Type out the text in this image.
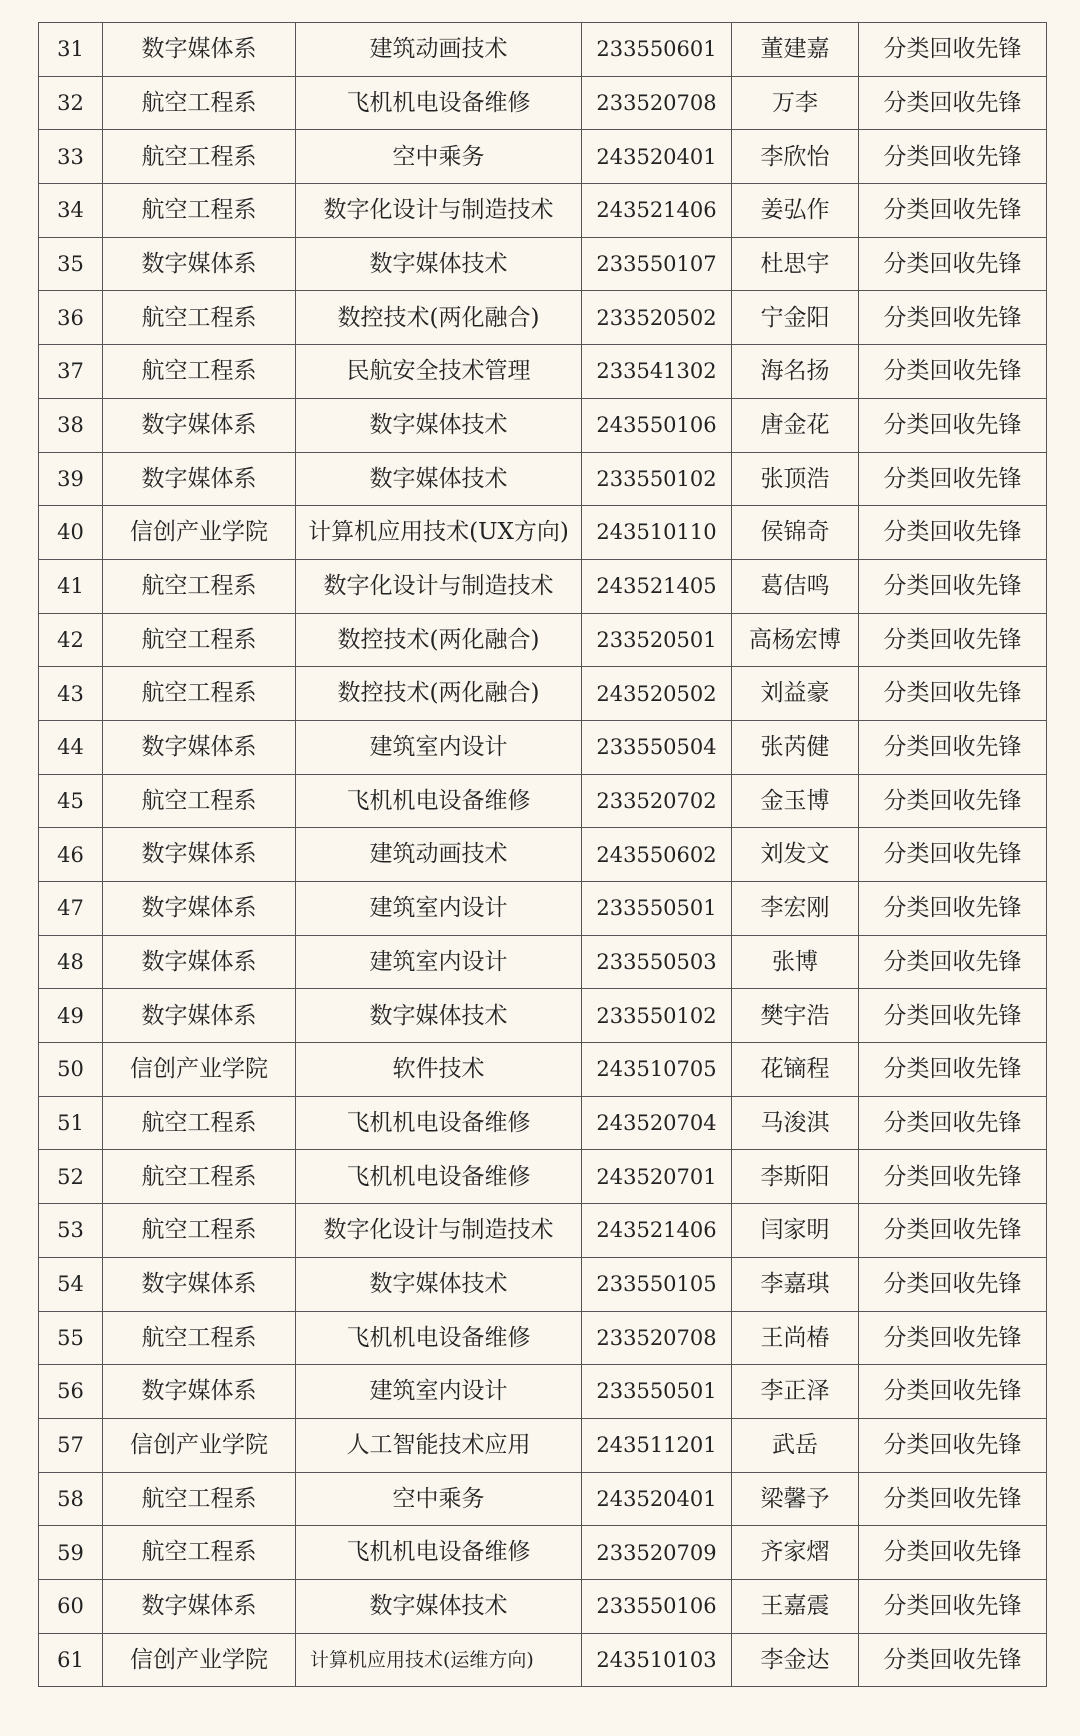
31	数字媒体系	建筑动画技术	233550601	董建嘉	分类回收先锋
32	航空工程系	飞机机电设备维修	233520708	万李	分类回收先锋
33	航空工程系	空中乘务	243520401	李欣怡	分类回收先锋
34	航空工程系	数字化设计与制造技术	243521406	姜弘作	分类回收先锋
35	数字媒体系	数字媒体技术	233550107	杜思宇	分类回收先锋
36	航空工程系	数控技术(两化融合)	233520502	宁金阳	分类回收先锋
37	航空工程系	民航安全技术管理	233541302	海名扬	分类回收先锋
38	数字媒体系	数字媒体技术	243550106	唐金花	分类回收先锋
39	数字媒体系	数字媒体技术	233550102	张顶浩	分类回收先锋
40	信创产业学院	计算机应用技术(UX方向)	243510110	侯锦奇	分类回收先锋
41	航空工程系	数字化设计与制造技术	243521405	葛佶鸣	分类回收先锋
42	航空工程系	数控技术(两化融合)	233520501	高杨宏博	分类回收先锋
43	航空工程系	数控技术(两化融合)	243520502	刘益豪	分类回收先锋
44	数字媒体系	建筑室内设计	233550504	张芮健	分类回收先锋
45	航空工程系	飞机机电设备维修	233520702	金玉博	分类回收先锋
46	数字媒体系	建筑动画技术	243550602	刘发文	分类回收先锋
47	数字媒体系	建筑室内设计	233550501	李宏刚	分类回收先锋
48	数字媒体系	建筑室内设计	233550503	张博	分类回收先锋
49	数字媒体系	数字媒体技术	233550102	樊宇浩	分类回收先锋
50	信创产业学院	软件技术	243510705	花镝程	分类回收先锋
51	航空工程系	飞机机电设备维修	243520704	马浚淇	分类回收先锋
52	航空工程系	飞机机电设备维修	243520701	李斯阳	分类回收先锋
53	航空工程系	数字化设计与制造技术	243521406	闫家明	分类回收先锋
54	数字媒体系	数字媒体技术	233550105	李嘉琪	分类回收先锋
55	航空工程系	飞机机电设备维修	233520708	王尚椿	分类回收先锋
56	数字媒体系	建筑室内设计	233550501	李正泽	分类回收先锋
57	信创产业学院	人工智能技术应用	243511201	武岳	分类回收先锋
58	航空工程系	空中乘务	243520401	梁馨予	分类回收先锋
59	航空工程系	飞机机电设备维修	233520709	齐家熠	分类回收先锋
60	数字媒体系	数字媒体技术	233550106	王嘉震	分类回收先锋
61	信创产业学院	计算机应用技术(运维方向)	243510103	李金达	分类回收先锋
